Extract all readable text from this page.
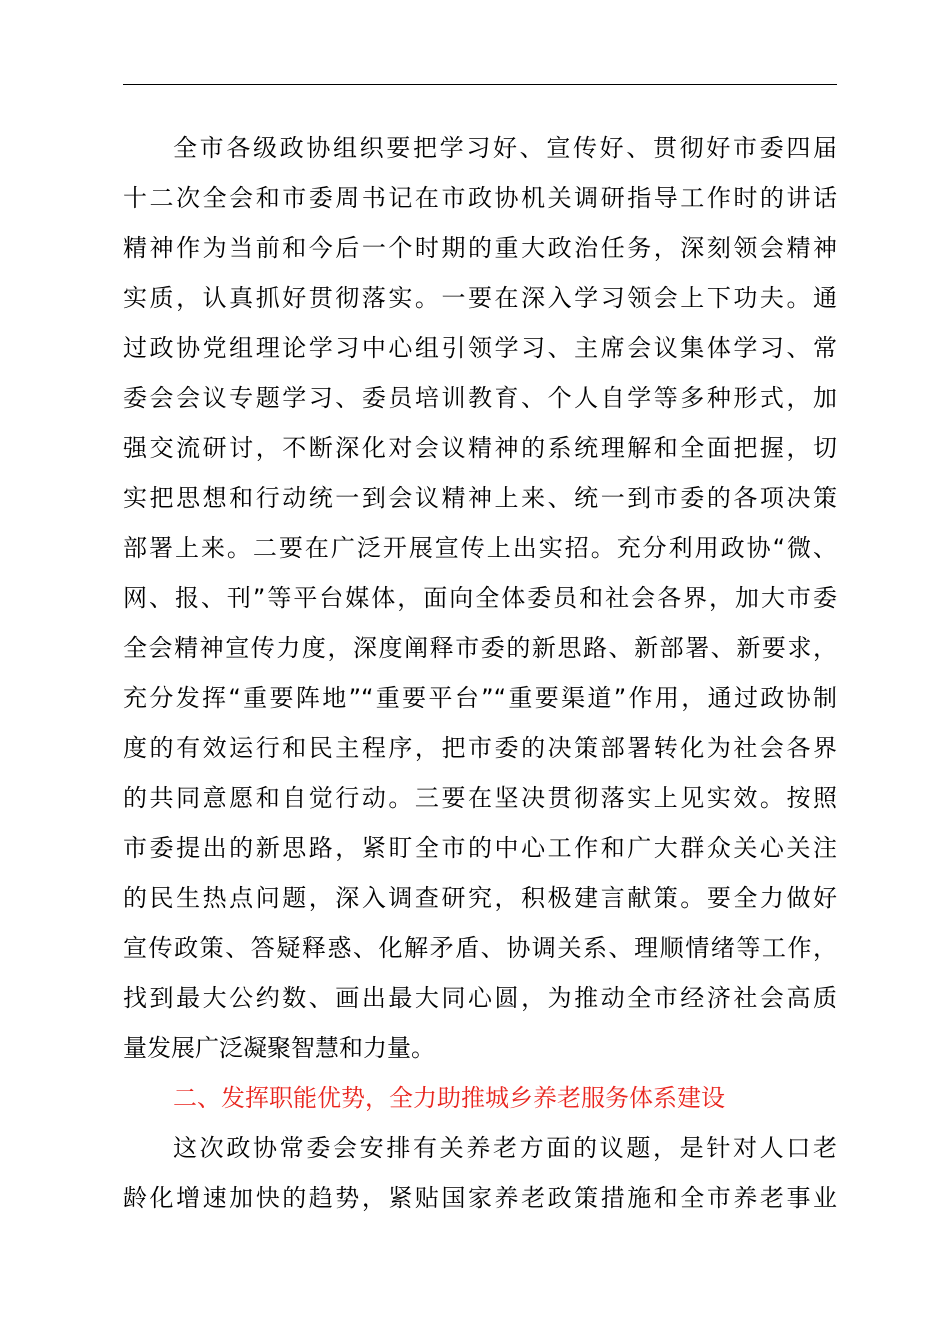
全市各级政协组织要把学习好、宣传好、贯彻好市委四届
十二次全会和市委周书记在市政协机关调研指导工作时的讲话
精神作为当前和今后一个时期的重大政治任务，深刻领会精神
实质，认真抓好贯彻落实。一要在深入学习领会上下功夫。通
过政协党组理论学习中心组引领学习、主席会议集体学习、常
委会会议专题学习、委员培训教育、个人自学等多种形式，加
强交流研讨，不断深化对会议精神的系统理解和全面把握，切
实把思想和行动统一到会议精神上来、统一到市委的各项决策
部署上来。二要在广泛开展宣传上出实招。充分利用政协“微、
网、报、刊”等平台媒体，面向全体委员和社会各界，加大市委
全会精神宣传力度，深度阐释市委的新思路、新部署、新要求，
充分发挥“重要阵地”“重要平台”“重要渠道”作用，通过政协制
度的有效运行和民主程序，把市委的决策部署转化为社会各界
的共同意愿和自觉行动。三要在坚决贯彻落实上见实效。按照
市委提出的新思路，紧盯全市的中心工作和广大群众关心关注
的民生热点问题，深入调查研究，积极建言献策。要全力做好
宣传政策、答疑释惑、化解矛盾、协调关系、理顺情绪等工作，
找到最大公约数、画出最大同心圆，为推动全市经济社会高质
量发展广泛凝聚智慧和力量。
二、发挥职能优势，全力助推城乡养老服务体系建设
这次政协常委会安排有关养老方面的议题，是针对人口老
龄化增速加快的趋势，紧贴国家养老政策措施和全市养老事业
